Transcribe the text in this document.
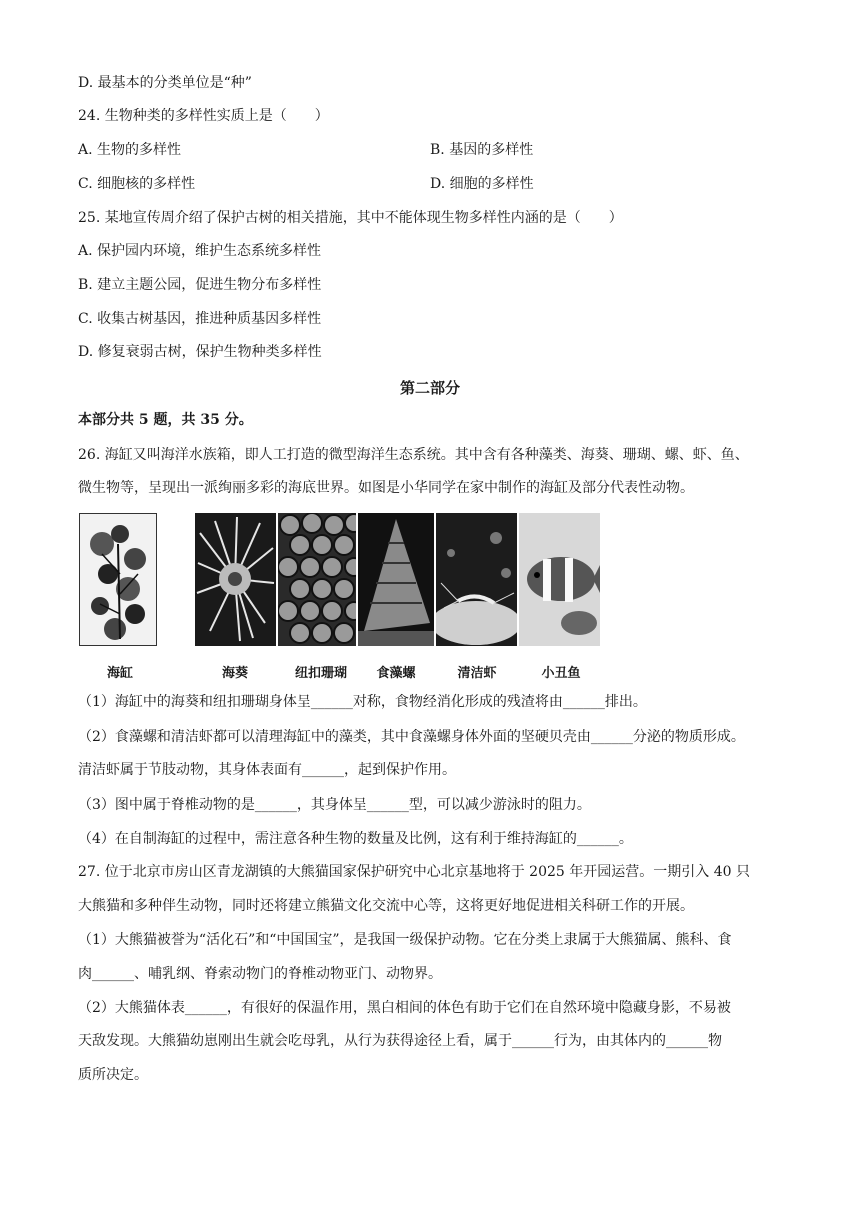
D. 最基本的分类单位是“种”
24. 生物种类的多样性实质上是（　　）
A. 生物的多样性	B. 基因的多样性
C. 细胞核的多样性	D. 细胞的多样性
25. 某地宣传周介绍了保护古树的相关措施，其中不能体现生物多样性内涵的是（　　）
A. 保护园内环境，维护生态系统多样性
B. 建立主题公园，促进生物分布多样性
C. 收集古树基因，推进种质基因多样性
D. 修复衰弱古树，保护生物种类多样性
第二部分
本部分共 5 题，共 35 分。
26. 海缸又叫海洋水族箱，即人工打造的微型海洋生态系统。其中含有各种藻类、海葵、珊瑚、螺、虾、鱼、
微生物等，呈现出一派绚丽多彩的海底世界。如图是小华同学在家中制作的海缸及部分代表性动物。
海缸	海葵	纽扣珊瑚	食藻螺	清洁虾	小丑鱼
（1）海缸中的海葵和纽扣珊瑚身体呈______对称，食物经消化形成的残渣将由______排出。
（2）食藻螺和清洁虾都可以清理海缸中的藻类，其中食藻螺身体外面的坚硬贝壳由______分泌的物质形成。
清洁虾属于节肢动物，其身体表面有______，起到保护作用。
（3）图中属于脊椎动物的是______，其身体呈______型，可以减少游泳时的阻力。
（4）在自制海缸的过程中，需注意各种生物的数量及比例，这有利于维持海缸的______。
27. 位于北京市房山区青龙湖镇的大熊猫国家保护研究中心北京基地将于 2025 年开园运营。一期引入 40 只
大熊猫和多种伴生动物，同时还将建立熊猫文化交流中心等，这将更好地促进相关科研工作的开展。
（1）大熊猫被誉为“活化石”和“中国国宝”，是我国一级保护动物。它在分类上隶属于大熊猫属、熊科、食
肉______、哺乳纲、脊索动物门的脊椎动物亚门、动物界。
（2）大熊猫体表______，有很好的保温作用，黑白相间的体色有助于它们在自然环境中隐藏身影，不易被
天敌发现。大熊猫幼崽刚出生就会吃母乳，从行为获得途径上看，属于______行为，由其体内的______物
质所决定。
